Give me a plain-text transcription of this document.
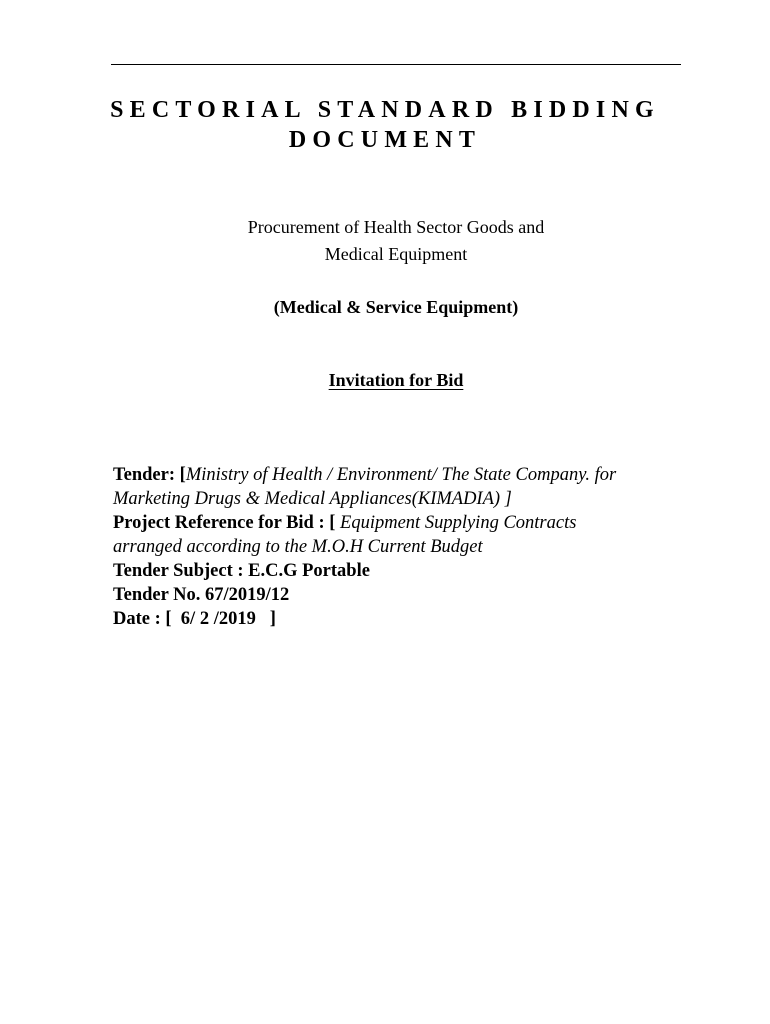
SECTORIAL STANDARD BIDDING
DOCUMENT

Procurement of Health Sector Goods and

Medical Equipment

(Medical & Service Equipment)

Invitation for Bid

Tender: [Ministry of Health / Environment/ The State Company. for
Marketing Drugs & Medical Appliances(KIMADIA) ]
Project Reference for Bid : [ Equipment Supplying Contracts
arranged according to the M.O.H Current Budget
Tender Subject : E.C.G Portable
Tender No. 67/2019/12
Date : [  6/ 2 /2019   ]
